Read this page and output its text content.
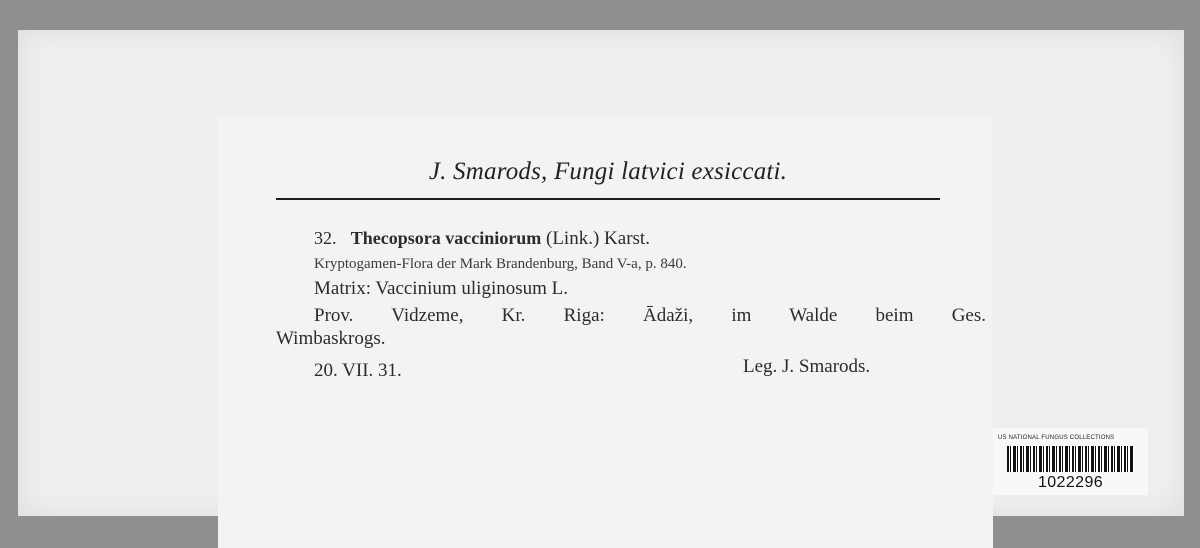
J. Smarods, Fungi latvici exsiccati.
32. Thecopsora vacciniorum (Link.) Karst.
Kryptogamen-Flora der Mark Brandenburg, Band V-a, p. 840.
Matrix: Vaccinium uliginosum L.
Prov. Vidzeme, Kr. Riga: Ādaži, im Walde beim Ges.
Wimbaskrogs.
20. VII. 31.	Leg. J. Smarods.
US NATIONAL FUNGUS COLLECTIONS
1022296
